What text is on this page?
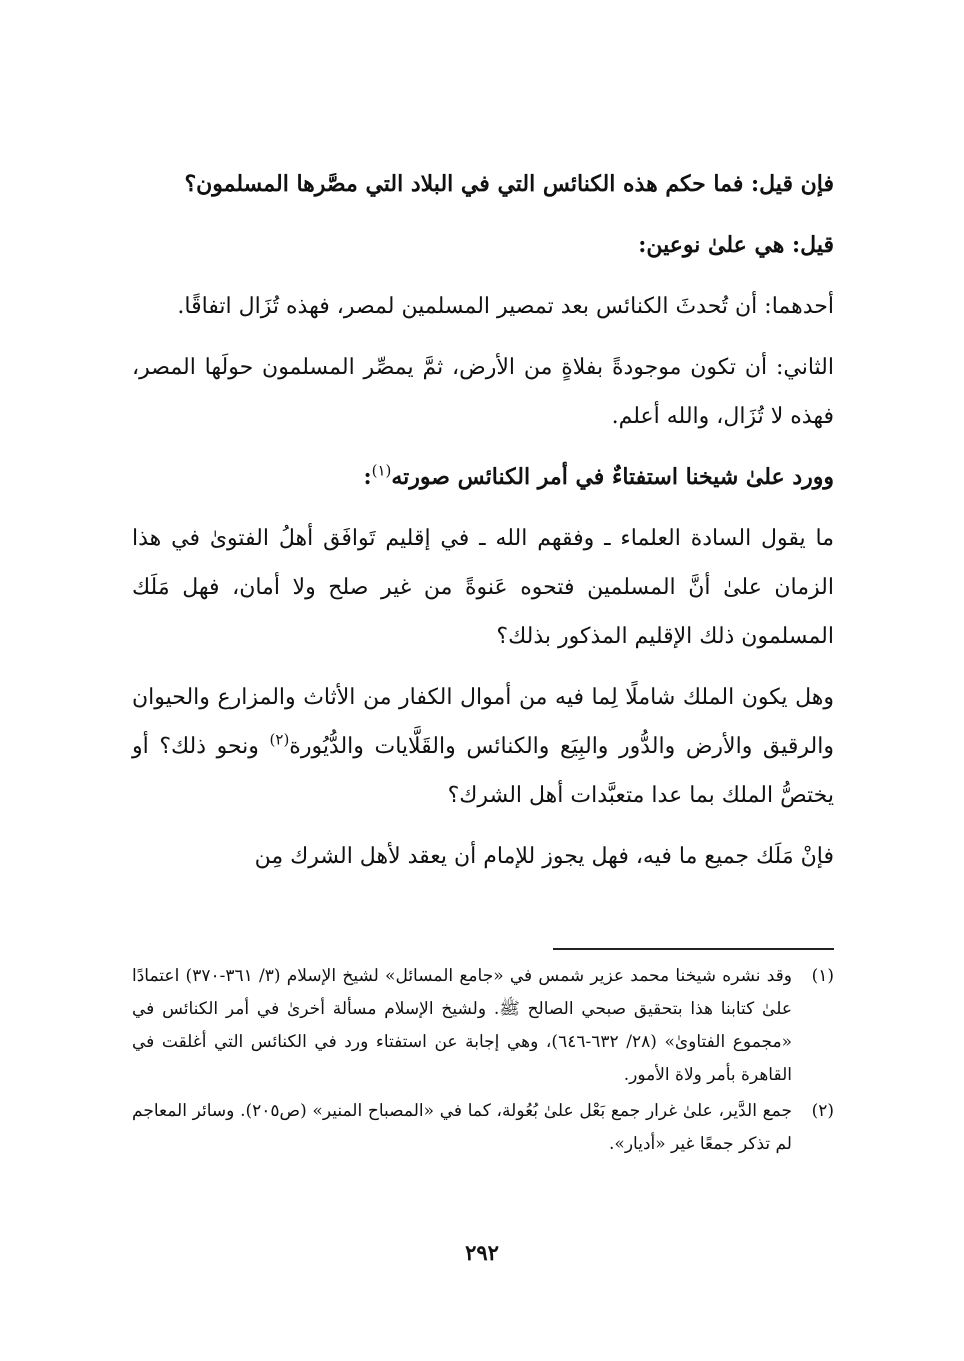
فإن قيل: فما حكم هذه الكنائس التي في البلاد التي مصَّرها المسلمون؟

قيل: هي علىٰ نوعين:

أحدهما: أن تُحدثَ الكنائس بعد تمصير المسلمين لمصر، فهذه تُزَال اتفاقًا.

الثاني: أن تكون موجودةً بفلاةٍ من الأرض، ثمَّ يمصِّر المسلمون حولَها المصر، فهذه لا تُزَال، والله أعلم.

وورد علىٰ شيخنا استفتاءٌ في أمر الكنائس صورته$^{(١)}$:

ما يقول السادة العلماء ـ وفقهم الله ـ في إقليم تَوافَق أهلُ الفتوىٰ في هذا الزمان علىٰ أنَّ المسلمين فتحوه عَنوةً من غير صلح ولا أمان، فهل مَلَك المسلمون ذلك الإقليم المذكور بذلك؟

وهل يكون الملك شاملًا لِما فيه من أموال الكفار من الأثاث والمزارع والحيوان والرقيق والأرض والدُّور والبِيَع والكنائس والقَلَّايات والدُّيُورة$^{(٢)}$ ونحو ذلك؟ أو يختصُّ الملك بما عدا متعبَّدات أهل الشرك؟

فإنْ مَلَك جميع ما فيه، فهل يجوز للإمام أن يعقد لأهل الشرك مِن

(١)
وقد نشره شيخنا محمد عزير شمس في «جامع المسائل» لشيخ الإسلام (٣/ ٣٦١-٣٧٠) اعتمادًا علىٰ كتابنا هذا بتحقيق صبحي الصالح ﷺ. ولشيخ الإسلام مسألة أخرىٰ في أمر الكنائس في «مجموع الفتاوىٰ» (٢٨/ ٦٣٢-٦٤٦)، وهي إجابة عن استفتاء ورد في الكنائس التي أغلقت في القاهرة بأمر ولاة الأمور.
(٢)
جمع الدَّير، علىٰ غرار جمع بَعْل علىٰ بُعُولة، كما في «المصباح المنير» (ص٢٠٥). وسائر المعاجم لم تذكر جمعًا غير «أديار».
٢٩٢
